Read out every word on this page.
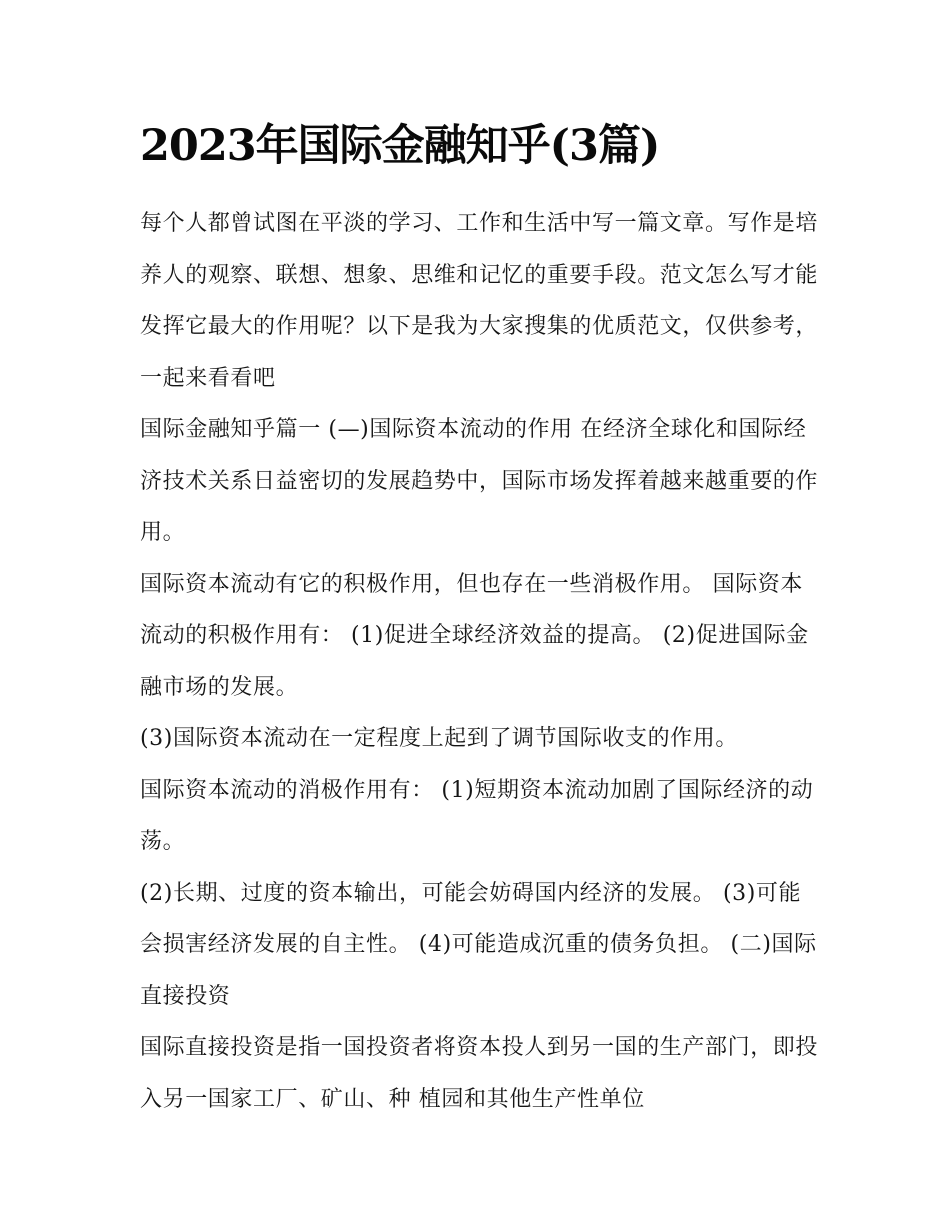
2023年国际金融知乎(3篇)

每个人都曾试图在平淡的学习、工作和生活中写一篇文章。写作是培养人的观察、联想、想象、思维和记忆的重要手段。范文怎么写才能发挥它最大的作用呢？以下是我为大家搜集的优质范文，仅供参考，一起来看看吧

国际金融知乎篇一 (—)国际资本流动的作用 在经济全球化和国际经济技术关系日益密切的发展趋势中，国际市场发挥着越来越重要的作用。

国际资本流动有它的积极作用，但也存在一些消极作用。 国际资本流动的积极作用有： (1)促进全球经济效益的提高。 (2)促进国际金融市场的发展。

(3)国际资本流动在一定程度上起到了调节国际收支的作用。

国际资本流动的消极作用有： (1)短期资本流动加剧了国际经济的动荡。

(2)长期、过度的资本输出，可能会妨碍国内经济的发展。 (3)可能会损害经济发展的自主性。 (4)可能造成沉重的债务负担。 (二)国际直接投资

国际直接投资是指一国投资者将资本投人到另一国的生产部门，即投入另一国家工厂、矿山、种 植园和其他生产性单位
